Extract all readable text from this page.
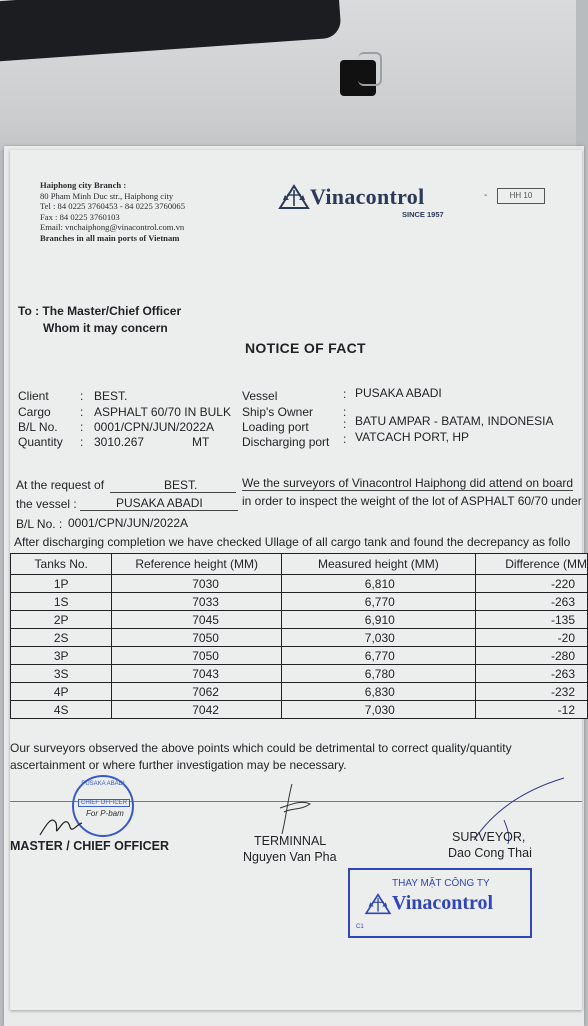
Haiphong city Branch :
80 Pham Minh Duc str., Haiphong city
Tel : 84 0225 3760453 - 84 0225 3760065
Fax : 84 0225 3760103
Email: vnchaiphong@vinacontrol.com.vn
Branches in all main ports of Vietnam
Vinacontrol
SINCE 1957
-	HH 10
To : The Master/Chief Officer
Whom it may concern
NOTICE OF FACT
Client	: BEST.
Cargo : ASPHALT 60/70 IN BULK
B/L No. : 0001/CPN/JUN/2022A
Quantity : 3010.267	MT
Vessel	: PUSAKA ABADI
Ship's Owner	:
Loading port	: BATU AMPAR - BATAM, INDONESIA
Discharging port : VATCACH PORT, HP
At the request of	BEST.	We the surveyors of Vinacontrol Haiphong did attend on board
the vessel :	PUSAKA ABADI	in order to inspect the weight of the lot of ASPHALT 60/70 under
B/L No. : 0001/CPN/JUN/2022A
After discharging completion we have checked Ullage of all cargo tank and found the decrepancy as follo
Tanks No.	Reference height (MM)	Measured height (MM)	Difference (MM
1P	7030	6,810	-220
1S	7033	6,770	-263
2P	7045	6,910	-135
2S	7050	7,030	-20
3P	7050	6,770	-280
3S	7043	6,780	-263
4P	7062	6,830	-232
4S	7042	7,030	-12
Our surveyors observed the above points which could be detrimental to correct quality/quantity ascertainment or where further investigation may be necessary.
PUSAKA ABADI
CHIEF OFFICER
For P-bam
MASTER / CHIEF OFFICER	TERMINNAL
Nguyen Van Pha
SURVEYOR,
Dao Cong Thai
THAY MẶT CÔNG TY
Vinacontrol
C1
